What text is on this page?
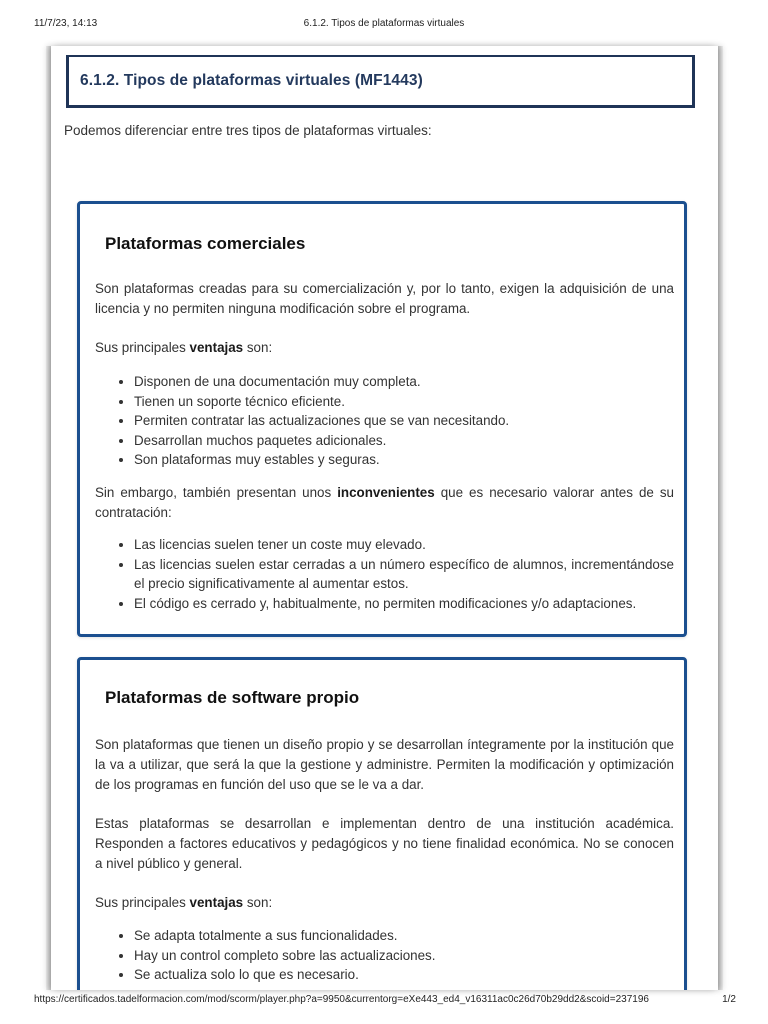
11/7/23, 14:13	6.1.2. Tipos de plataformas virtuales
6.1.2. Tipos de plataformas virtuales (MF1443)

Podemos diferenciar entre tres tipos de plataformas virtuales:

Plataformas comerciales

Son plataformas creadas para su comercialización y, por lo tanto, exigen la adquisición de una licencia y no permiten ninguna modificación sobre el programa.

Sus principales ventajas son:

• Disponen de una documentación muy completa.
• Tienen un soporte técnico eficiente.
• Permiten contratar las actualizaciones que se van necesitando.
• Desarrollan muchos paquetes adicionales.
• Son plataformas muy estables y seguras.

Sin embargo, también presentan unos inconvenientes que es necesario valorar antes de su contratación:

• Las licencias suelen tener un coste muy elevado.
• Las licencias suelen estar cerradas a un número específico de alumnos, incrementándose el precio significativamente al aumentar estos.
• El código es cerrado y, habitualmente, no permiten modificaciones y/o adaptaciones.
Plataformas de software propio

Son plataformas que tienen un diseño propio y se desarrollan íntegramente por la institución que la va a utilizar, que será la que la gestione y administre. Permiten la modificación y optimización de los programas en función del uso que se le va a dar.

Estas plataformas se desarrollan e implementan dentro de una institución académica. Responden a factores educativos y pedagógicos y no tiene finalidad económica. No se conocen a nivel público y general.

Sus principales ventajas son:

• Se adapta totalmente a sus funcionalidades.
• Hay un control completo sobre las actualizaciones.
• Se actualiza solo lo que es necesario.
https://certificados.tadelformacion.com/mod/scorm/player.php?a=9950&currentorg=eXe443_ed4_v16311ac0c26d70b29dd2&scoid=237196	1/2
